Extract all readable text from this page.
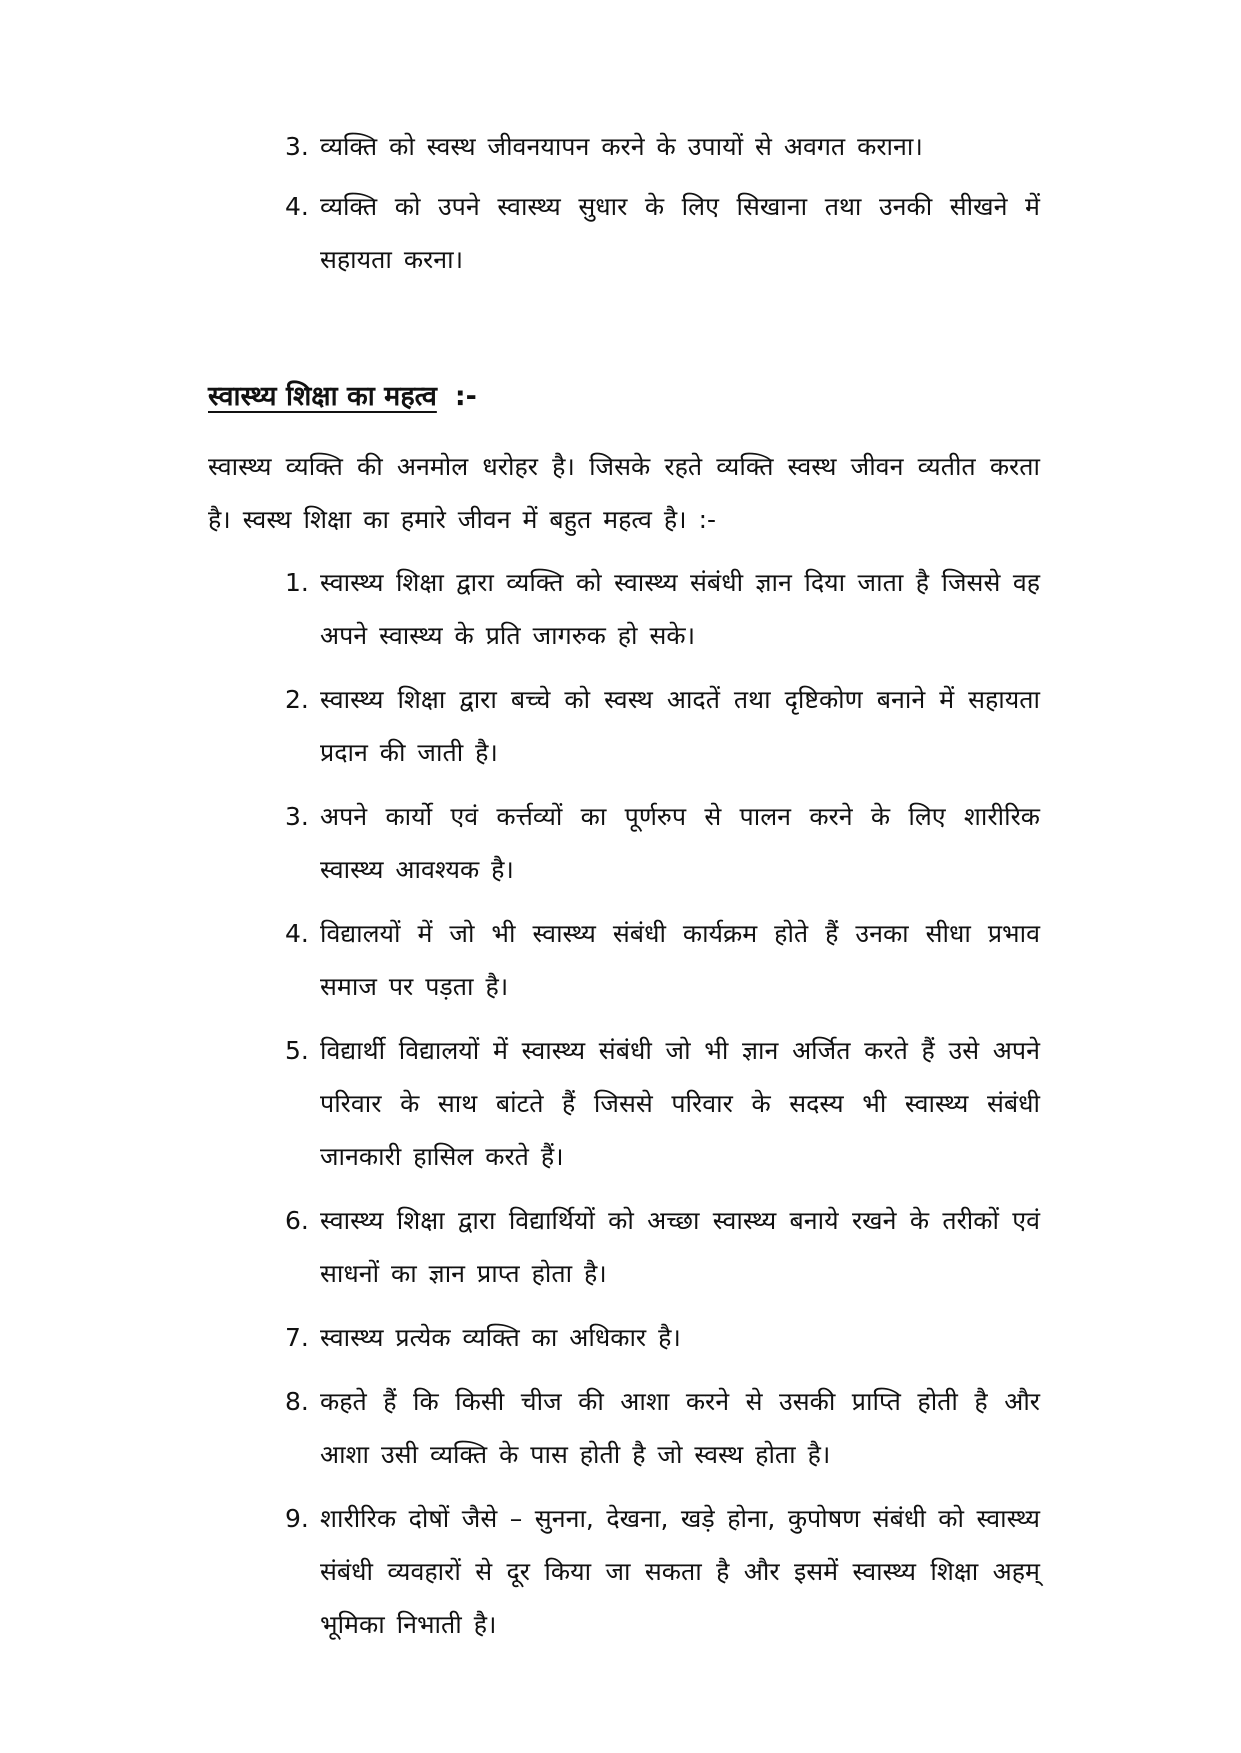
3. व्यक्ति को स्वस्थ जीवनयापन करने के उपायों से अवगत कराना।
4. व्यक्ति को उपने स्वास्थ्य सुधार के लिए सिखाना तथा उनकी सीखने में सहायता करना।
स्वास्थ्य शिक्षा का महत्व :-

स्वास्थ्य व्यक्ति की अनमोल धरोहर है। जिसके रहते व्यक्ति स्वस्थ जीवन व्यतीत करता है। स्वस्थ शिक्षा का हमारे जीवन में बहुत महत्व है। :-

1. स्वास्थ्य शिक्षा द्वारा व्यक्ति को स्वास्थ्य संबंधी ज्ञान दिया जाता है जिससे वह अपने स्वास्थ्य के प्रति जागरुक हो सके।
2. स्वास्थ्य शिक्षा द्वारा बच्चे को स्वस्थ आदतें तथा दृष्टिकोण बनाने में सहायता प्रदान की जाती है।
3. अपने कार्यो एवं कर्त्तव्यों का पूर्णरुप से पालन करने के लिए शारीरिक स्वास्थ्य आवश्यक है।
4. विद्यालयों में जो भी स्वास्थ्य संबंधी कार्यक्रम होते हैं उनका सीधा प्रभाव समाज पर पड़ता है।
5. विद्यार्थी विद्यालयों में स्वास्थ्य संबंधी जो भी ज्ञान अर्जित करते हैं उसे अपने परिवार के साथ बांटते हैं जिससे परिवार के सदस्य भी स्वास्थ्य संबंधी जानकारी हासिल करते हैं।
6. स्वास्थ्य शिक्षा द्वारा विद्यार्थियों को अच्छा स्वास्थ्य बनाये रखने के तरीकों एवं साधनों का ज्ञान प्राप्त होता है।
7. स्वास्थ्य प्रत्येक व्यक्ति का अधिकार है।
8. कहते हैं कि किसी चीज की आशा करने से उसकी प्राप्ति होती है और आशा उसी व्यक्ति के पास होती है जो स्वस्थ होता है।
9. शारीरिक दोषों जैसे – सुनना, देखना, खड़े होना, कुपोषण संबंधी को स्वास्थ्य संबंधी व्यवहारों से दूर किया जा सकता है और इसमें स्वास्थ्य शिक्षा अहम् भूमिका निभाती है।
